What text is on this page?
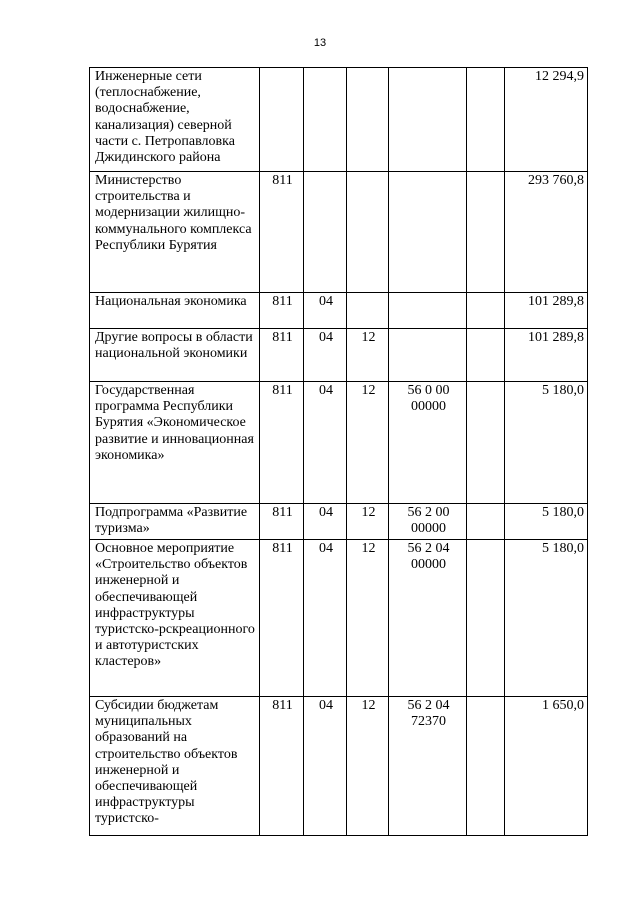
13
Инженерные сети (теплоснабжение, водоснабжение, канализация) северной части с. Петропавловка Джидинского района						12 294,9
Министерство строительства и модернизации жилищно-коммунального комплекса Республики Бурятия	811					293 760,8
Национальная экономика	811	04				101 289,8
Другие вопросы в области национальной экономики	811	04	12			101 289,8
Государственная программа Республики Бурятия «Экономическое развитие и инновационная экономика»	811	04	12	56 0 00 00000		5 180,0
Подпрограмма «Развитие туризма»	811	04	12	56 2 00 00000		5 180,0
Основное мероприятие «Строительство объектов инженерной и обеспечивающей инфраструктуры туристско-рскреационного и автотуристских кластеров»	811	04	12	56 2 04 00000		5 180,0
Субсидии бюджетам муниципальных образований на строительство объектов инженерной и обеспечивающей инфраструктуры туристско-	811	04	12	56 2 04 72370		1 650,0
